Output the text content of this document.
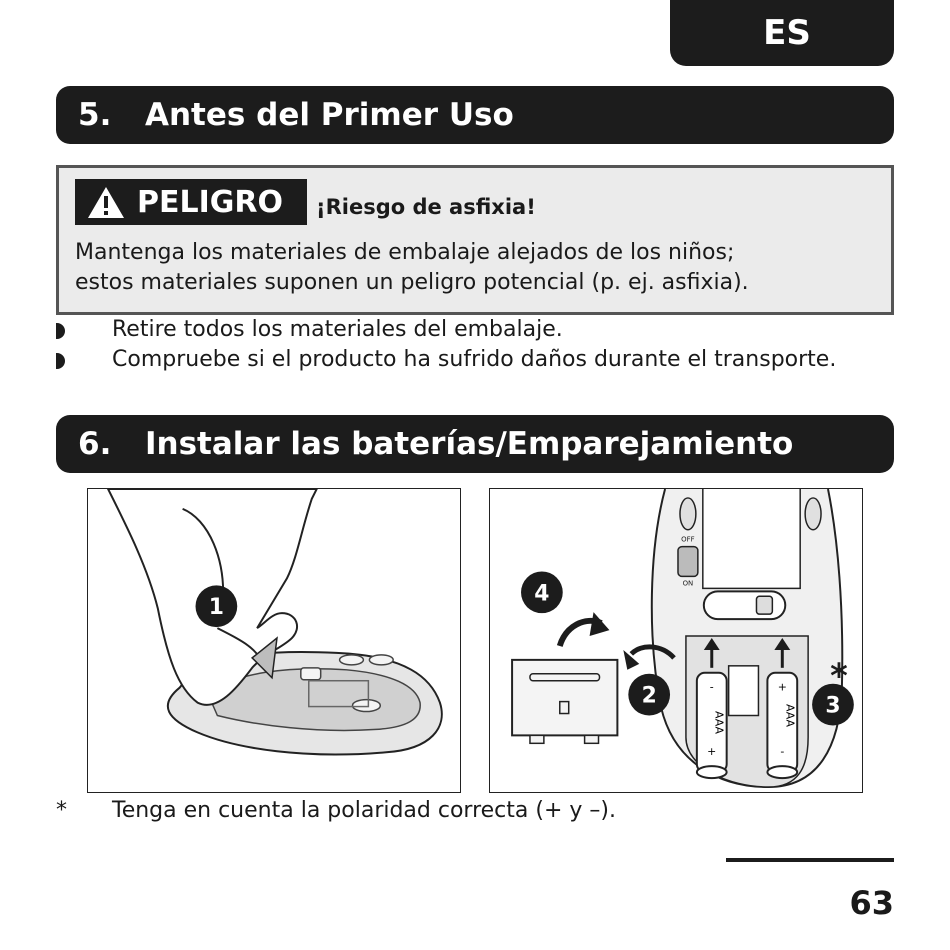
ES
5.	Antes del Primer Uso
PELIGRO ¡Riesgo de asfixia!
Mantenga los materiales de embalaje alejados de los niños;
estos materiales suponen un peligro potencial (p. ej. asfixia).
Retire todos los materiales del embalaje.
Compruebe si el producto ha sufrido daños durante el transporte.
6.	Instalar las baterías/Emparejamiento
1
OFF
ON
-
AAA
+
+
AAA
-
4
2	3
*
* Tenga en cuenta la polaridad correcta (+ y –).
63
